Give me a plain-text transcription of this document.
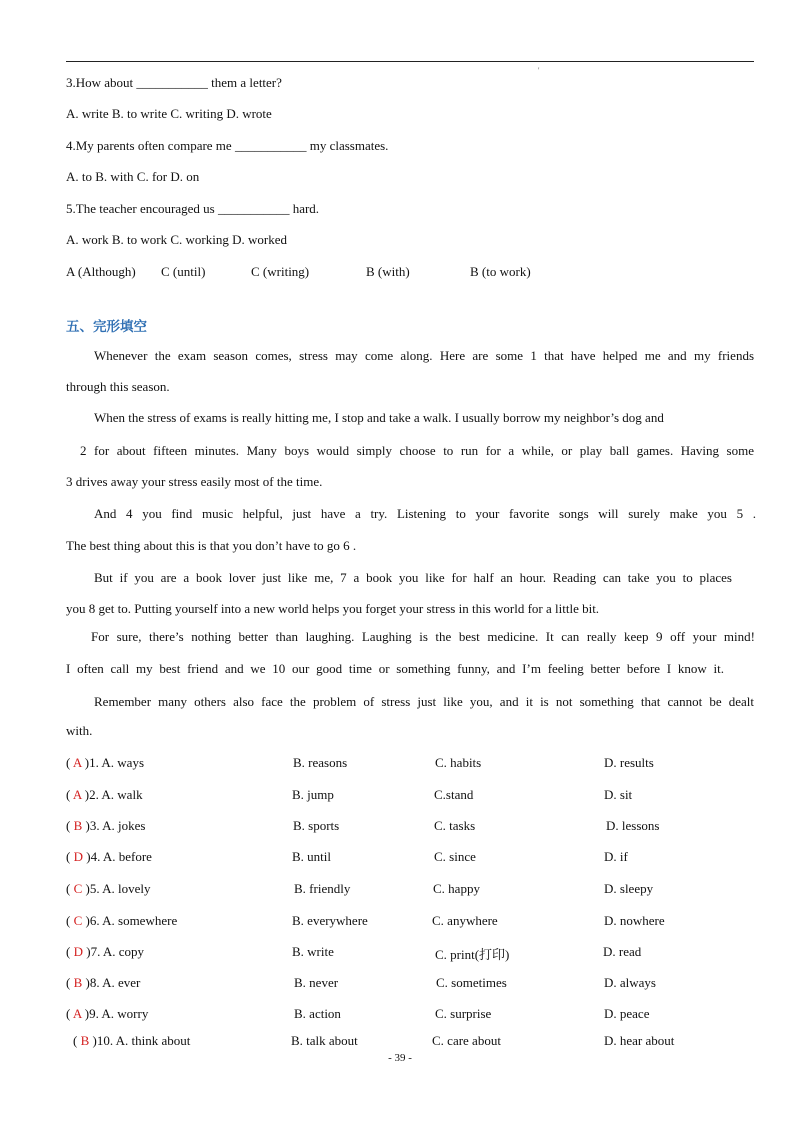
'
3.How about ___________ them a letter?
A. write B. to write C. writing D. wrote
4.My parents often compare me ___________ my classmates.
A. to B. with C. for D. on
5.The teacher encouraged us ___________ hard.
A. work B. to work C. working D. worked
A (Although) C (until)	C (writing)	B (with)	B (to work)
五、完形填空
Whenever the exam season comes, stress may come along. Here are some 1 that have helped me and my friends
through this season.
When the stress of exams is really hitting me, I stop and take a walk. I usually borrow my neighbor’s dog and
2 for about fifteen minutes. Many boys would simply choose to run for a while, or play ball games. Having some
3 drives away your stress easily most of the time.
And 4 you find music helpful, just have a try. Listening to your favorite songs will surely make you 5 .
The best thing about this is that you don’t have to go 6 .
But if you are a book lover just like me, 7 a book you like for half an hour. Reading can take you to places
you 8 get to. Putting yourself into a new world helps you forget your stress in this world for a little bit.
For sure, there’s nothing better than laughing. Laughing is the best medicine. It can really keep 9 off your mind!
I often call my best friend and we 10 our good time or something funny, and I’m feeling better before I know it.
Remember many others also face the problem of stress just like you, and it is not something that cannot be dealt
with.
( A )1. A. ways	B. reasons	C. habits	D. results
( A )2. A. walk	B. jump	C.stand	D. sit
( B )3. A. jokes	B. sports	C. tasks	D. lessons
( D )4. A. before	B. until	C. since	D. if
( C )5. A. lovely	B. friendly	C. happy	D. sleepy
( C )6. A. somewhere	B. everywhere	C. anywhere	D. nowhere
( D )7. A. copy	B. write	C. print(打印)	D. read
( B )8. A. ever	B. never	C. sometimes	D. always
( A )9. A. worry	B. action	C. surprise	D. peace
( B )10. A. think about	B. talk about	C. care about	D. hear about
- 39 -
